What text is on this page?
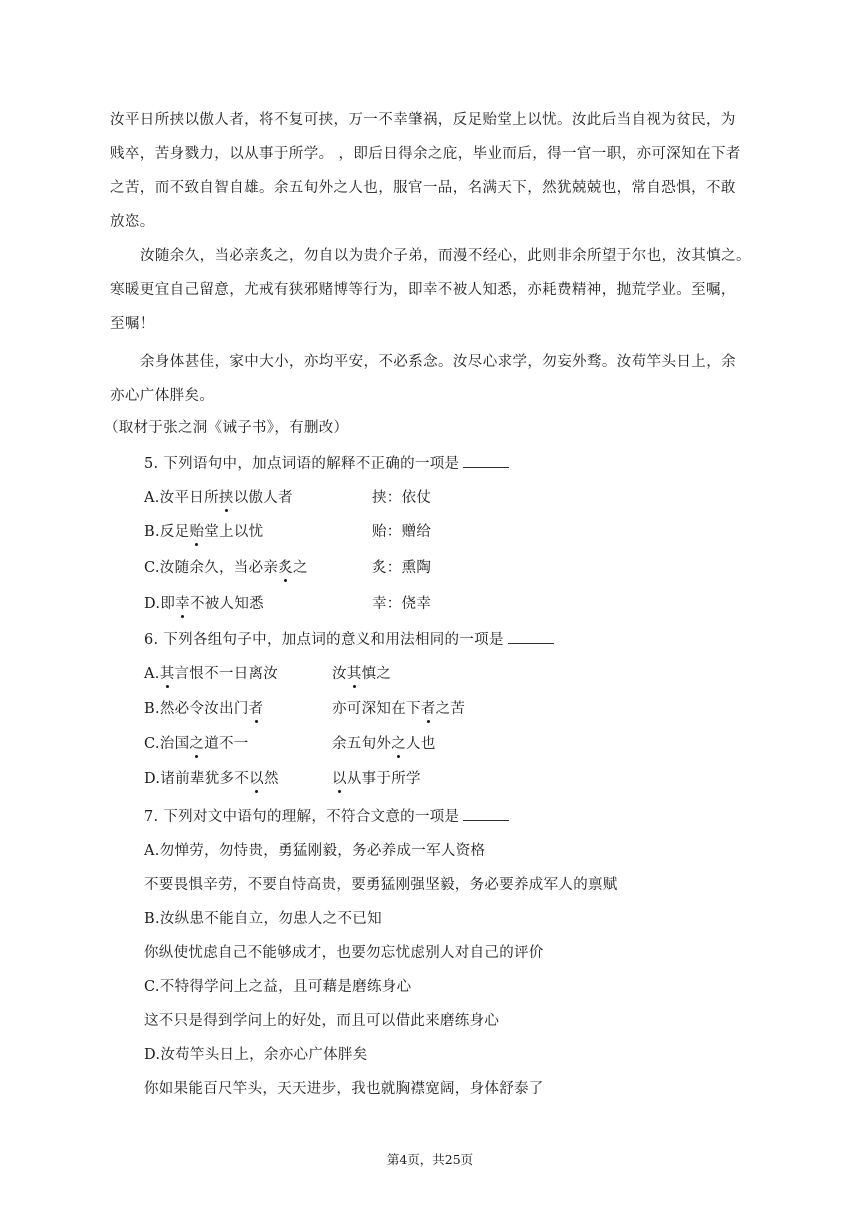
汝平日所挟以傲人者，将不复可挟，万一不幸肇祸，反足贻堂上以忧。汝此后当自视为贫民，为
贱卒，苦身戮力，以从事于所学。 ，即后日得余之庇，毕业而后，得一官一职，亦可深知在下者
之苦，而不致自智自雄。余五旬外之人也，服官一品，名满天下，然犹兢兢也，常自恐惧，不敢
放恣。
汝随余久，当必亲炙之，勿自以为贵介子弟，而漫不经心，此则非余所望于尔也，汝其慎之。
寒暖更宜自己留意，尤戒有狭邪赌博等行为，即幸不被人知悉，亦耗费精神，抛荒学业。至嘱，
至嘱！
余身体甚佳，家中大小，亦均平安，不必系念。汝尽心求学，勿妄外骛。汝苟竿头日上，余
亦心广体胖矣。
（取材于张之洞《诫子书》，有删改）
5. 下列语句中，加点词语的解释不正确的一项是
A.汝平日所挟以傲人者	挟：依仗
B.反足贻堂上以忧	贻：赠给
C.汝随余久，当必亲炙之	炙：熏陶
D.即幸不被人知悉	幸：侥幸
6. 下列各组句子中，加点词的意义和用法相同的一项是
A.其言恨不一日离汝	汝其慎之
B.然必令汝出门者	亦可深知在下者之苦
C.治国之道不一	余五旬外之人也
D.诸前辈犹多不以然	以从事于所学
7. 下列对文中语句的理解，不符合文意的一项是
A.勿惮劳，勿恃贵，勇猛刚毅，务必养成一军人资格
不要畏惧辛劳，不要自恃高贵，要勇猛刚强坚毅，务必要养成军人的禀赋
B.汝纵患不能自立，勿患人之不已知
你纵使忧虑自己不能够成才，也要勿忘忧虑别人对自己的评价
C.不特得学问上之益，且可藉是磨练身心
这不只是得到学问上的好处，而且可以借此来磨练身心
D.汝苟竿头日上，余亦心广体胖矣
你如果能百尺竿头，天天进步，我也就胸襟宽阔，身体舒泰了
第4页，共25页
